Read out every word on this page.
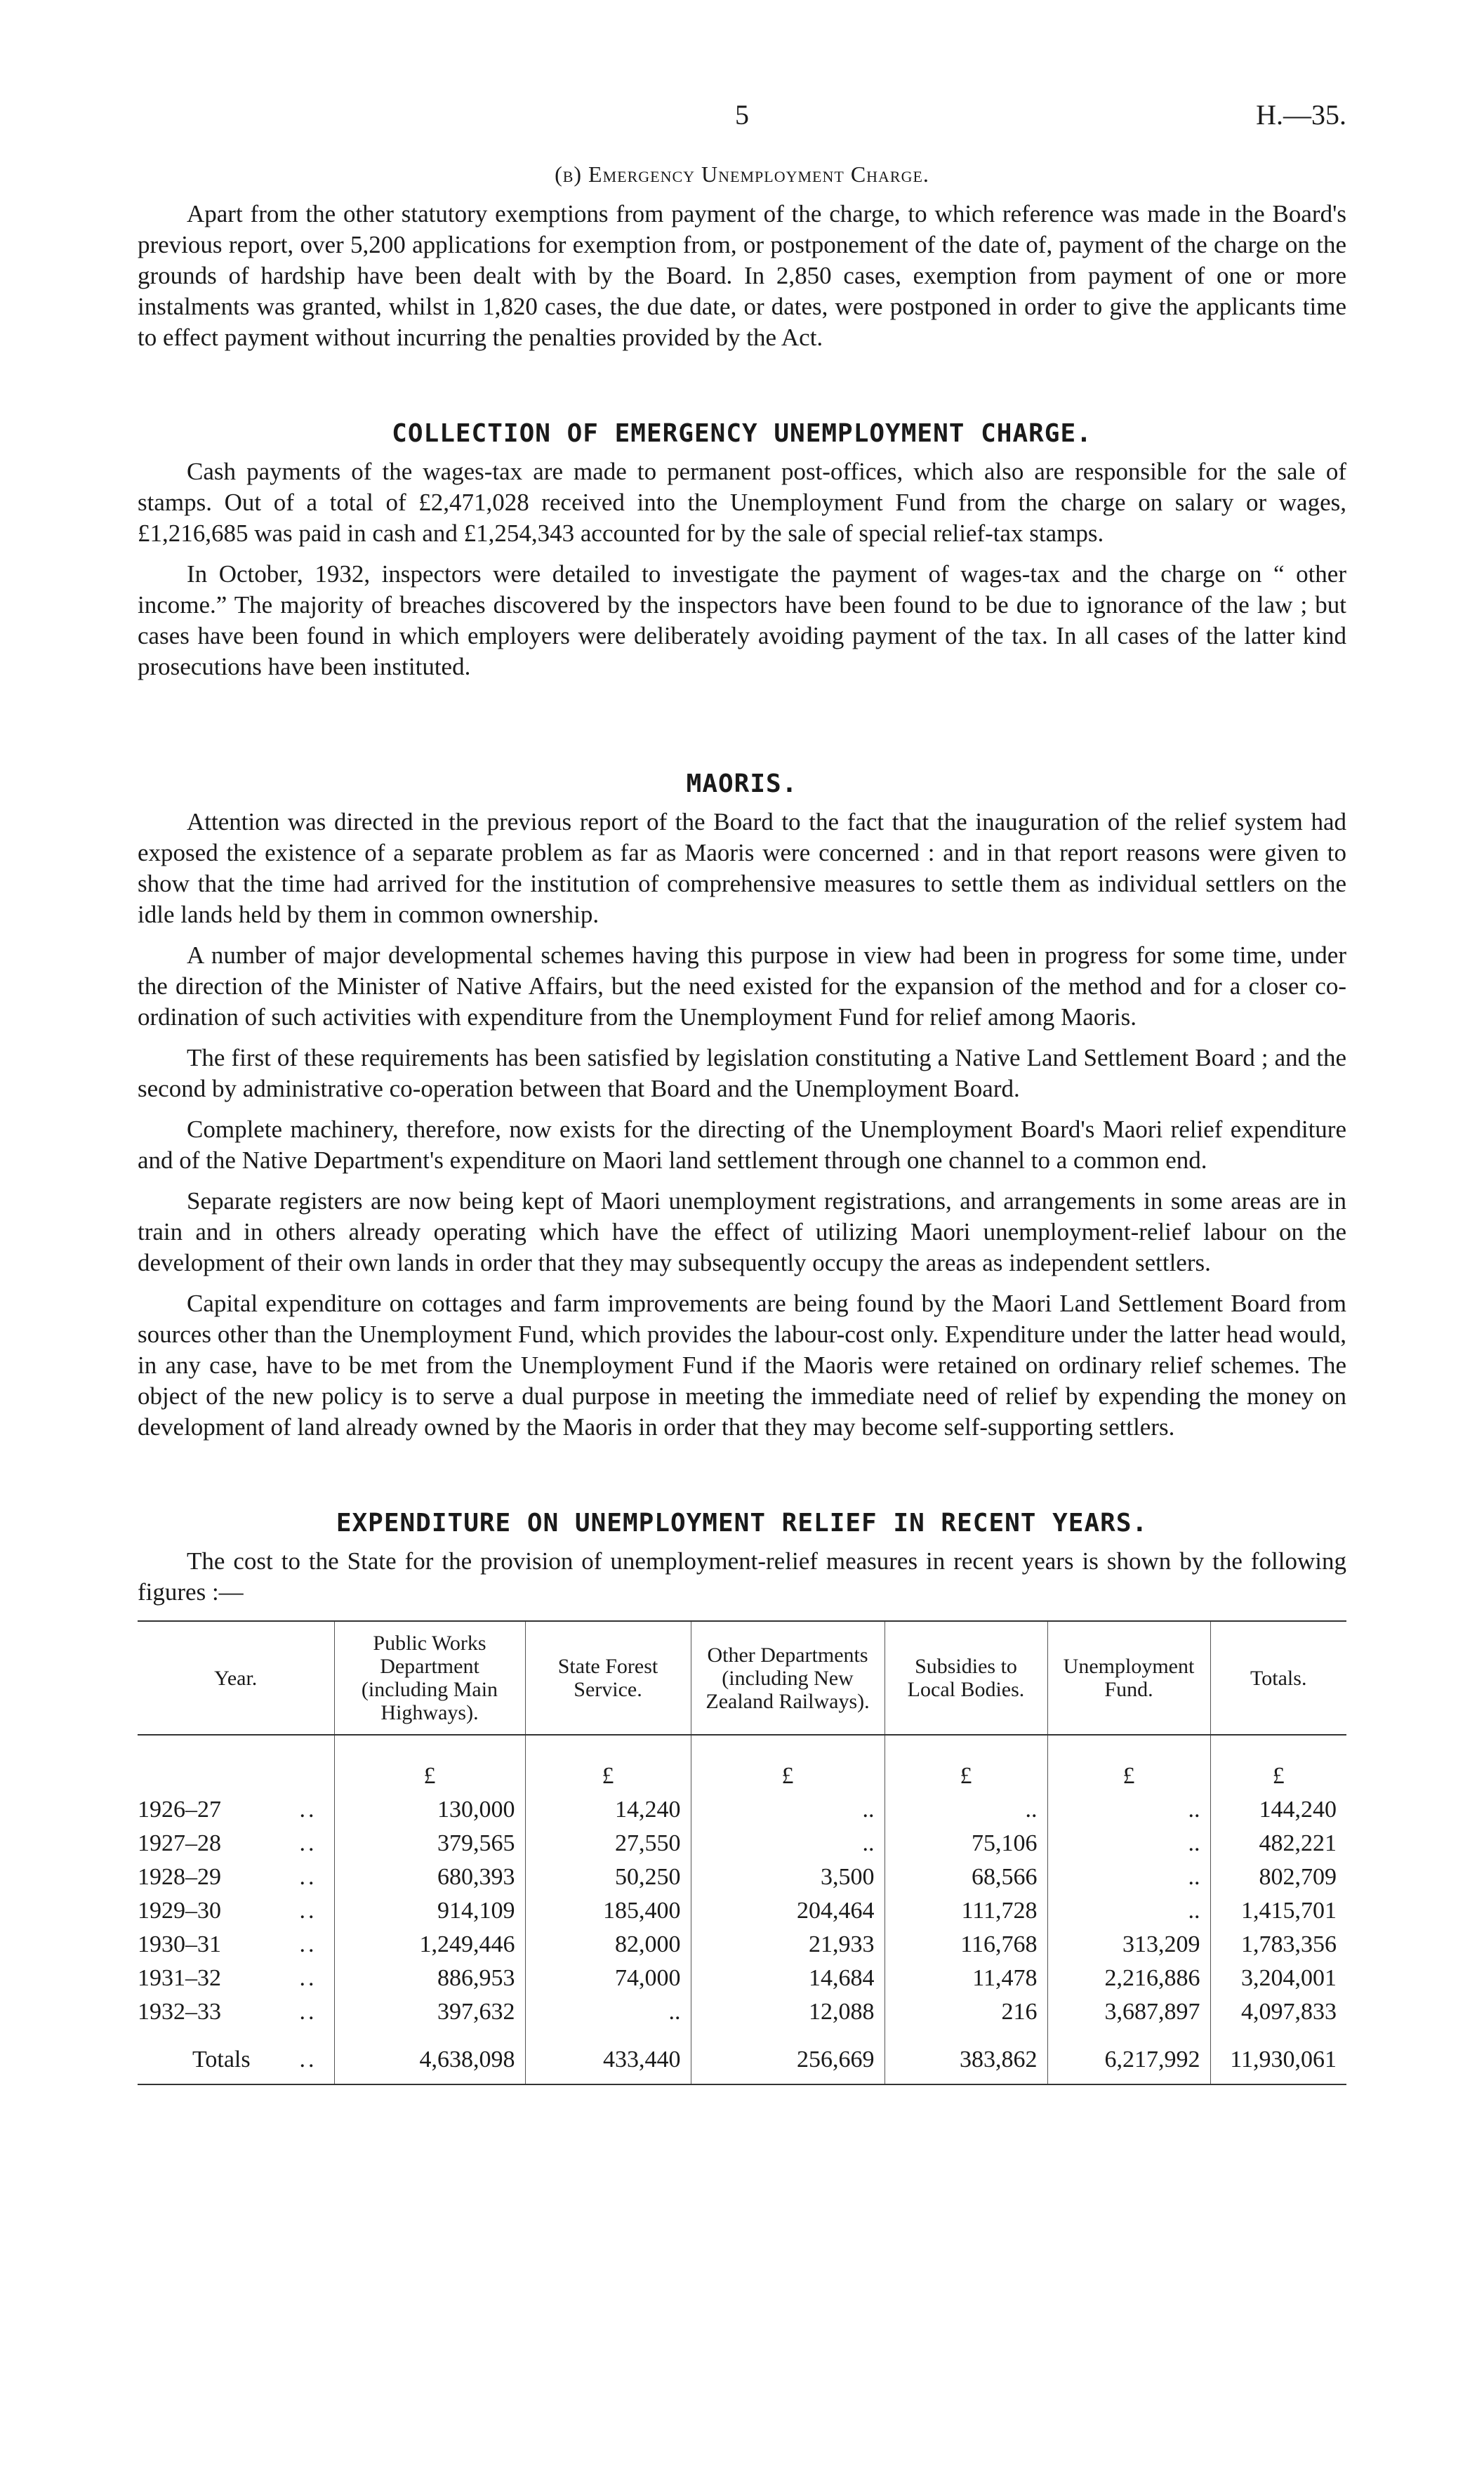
5	H.—35.
(b) Emergency Unemployment Charge.

Apart from the other statutory exemptions from payment of the charge, to which reference was made in the Board's previous report, over 5,200 applications for exemption from, or postponement of the date of, payment of the charge on the grounds of hardship have been dealt with by the Board. In 2,850 cases, exemption from payment of one or more instalments was granted, whilst in 1,820 cases, the due date, or dates, were postponed in order to give the applicants time to effect payment without incurring the penalties provided by the Act.

COLLECTION OF EMERGENCY UNEMPLOYMENT CHARGE.

Cash payments of the wages-tax are made to permanent post-offices, which also are responsible for the sale of stamps. Out of a total of £2,471,028 received into the Unemployment Fund from the charge on salary or wages, £1,216,685 was paid in cash and £1,254,343 accounted for by the sale of special relief-tax stamps.

In October, 1932, inspectors were detailed to investigate the payment of wages-tax and the charge on “ other income.” The majority of breaches discovered by the inspectors have been found to be due to ignorance of the law ; but cases have been found in which employers were deliberately avoiding payment of the tax. In all cases of the latter kind prosecutions have been instituted.

MAORIS.

Attention was directed in the previous report of the Board to the fact that the inauguration of the relief system had exposed the existence of a separate problem as far as Maoris were concerned : and in that report reasons were given to show that the time had arrived for the institution of comprehensive measures to settle them as individual settlers on the idle lands held by them in common ownership.

A number of major developmental schemes having this purpose in view had been in progress for some time, under the direction of the Minister of Native Affairs, but the need existed for the expansion of the method and for a closer co-ordination of such activities with expenditure from the Unemployment Fund for relief among Maoris.

The first of these requirements has been satisfied by legislation constituting a Native Land Settlement Board ; and the second by administrative co-operation between that Board and the Unemployment Board.

Complete machinery, therefore, now exists for the directing of the Unemployment Board's Maori relief expenditure and of the Native Department's expenditure on Maori land settlement through one channel to a common end.

Separate registers are now being kept of Maori unemployment registrations, and arrangements in some areas are in train and in others already operating which have the effect of utilizing Maori unemployment-relief labour on the development of their own lands in order that they may subsequently occupy the areas as independent settlers.

Capital expenditure on cottages and farm improvements are being found by the Maori Land Settlement Board from sources other than the Unemployment Fund, which provides the labour-cost only. Expenditure under the latter head would, in any case, have to be met from the Unemployment Fund if the Maoris were retained on ordinary relief schemes. The object of the new policy is to serve a dual purpose in meeting the immediate need of relief by expending the money on development of land already owned by the Maoris in order that they may become self-supporting settlers.

EXPENDITURE ON UNEMPLOYMENT RELIEF IN RECENT YEARS.

The cost to the State for the provision of unemployment-relief measures in recent years is shown by the following figures :—

Year.	Public Works Department (including Main Highways).	State Forest Service.	Other Departments (including New Zealand Railways).	Subsidies to Local Bodies.	Unemployment Fund.	Totals.
	£	£	£	£	£	£
1926–27 ..	130,000	14,240	..	..	..	144,240
1927–28 ..	379,565	27,550	..	75,106	..	482,221
1928–29 ..	680,393	50,250	3,500	68,566	..	802,709
1929–30 ..	914,109	185,400	204,464	111,728	..	1,415,701
1930–31 ..	1,249,446	82,000	21,933	116,768	313,209	1,783,356
1931–32 ..	886,953	74,000	14,684	11,478	2,216,886	3,204,001
1932–33 ..	397,632	..	12,088	216	3,687,897	4,097,833
Totals ..	4,638,098	433,440	256,669	383,862	6,217,992	11,930,061
